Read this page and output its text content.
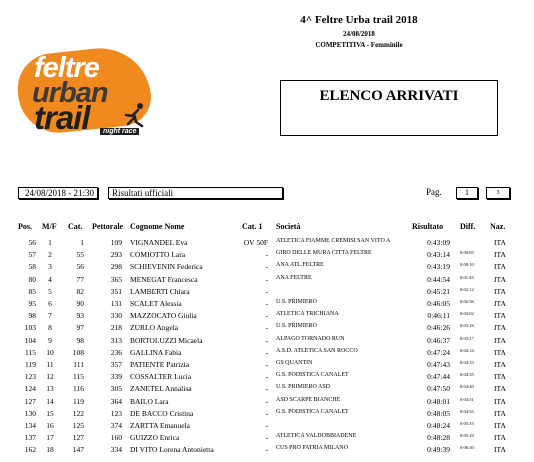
feltre
urban
trail	night race
4^ Feltre Urba trail 2018
24/08/2018
COMPETITIVA - Femminile
ELENCO ARRIVATI
24/08/2018 - 21:30	Risultati ufficiali	Pag.	1	3
Pos. M/F Cat. Pettorale Cognome Nome	Cat. 1 Società	Risultato Diff. Naz.
56	1	1	109 VIGNANDEL Eva	OV 50F ATLETICA FIAMME CREMISI SAN VITO A	0:43:09	ITA
57	2	55	293 COMIOTTO Lara	- GIRO DELLE MURA CITTA FELTRE	0:43:14 0:00:05	ITA
58	3	56	298 SCHIEVENIN Federica	- ANA ATL.FELTRE	0:43:19 0:00:10	ITA
80	4	77	365 MENEGAT Francesca	- ANA FELTRE	0:44:54 0:01:45	ITA
85	5	82	351 LAMBERTI Chiara	-	0:45:21 0:02:12	ITA
95	6	90	131 SCALET Alessia	- U.S. PRIMIERO	0:46:05 0:02:56	ITA
98	7	93	330 MAZZOCATO Giulia	- ATLETICA TRICHIANA	0:46:11 0:03:02	ITA
103	8	97	218 ZURLO Angela	- U.S. PRIMIERO	0:46:26 0:03:16	ITA
104	9	98	313 BORTOLUZZI Micaela	- ALPAGO TORNADO RUN	0:46:37 0:03:27	ITA
115	10	108	236 GALLINA Fabia	- A.S.D. ATLETICA SAN ROCCO	0:47:24 0:04:14	ITA
119	11	111	357 PATIENTE Patrizia	- GS QUANTIN	0:47:43 0:04:33	ITA
123	12	115	339 COSSALTER Lucia	- G.S. PODISTICA CANALET	0:47:44 0:04:35	ITA
124	13	116	305 ZANETEL Annalisa	- U.S. PRIMIERO ASD	0:47:50 0:04:40	ITA
127	14	119	364 BAILO Lara	- ASD SCARPE BIANCHE	0:48:01 0:04:51	ITA
130	15	122	123 DE BACCO Cristina	- G.S. PODISTICA CANALET	0:48:05 0:04:55	ITA
134	16	125	374 ZARTTA Emanuela	-	0:48:24 0:05:15	ITA
137	17	127	160 GUIZZO Enrica	- ATLETICA VALDOBBIADENE	0:48:28 0:05:19	ITA
162	18	147	334 DI VITO Lorena Antonietta	- CUS PRO PATRIA MILANO	0:49:39 0:06:30	ITA
